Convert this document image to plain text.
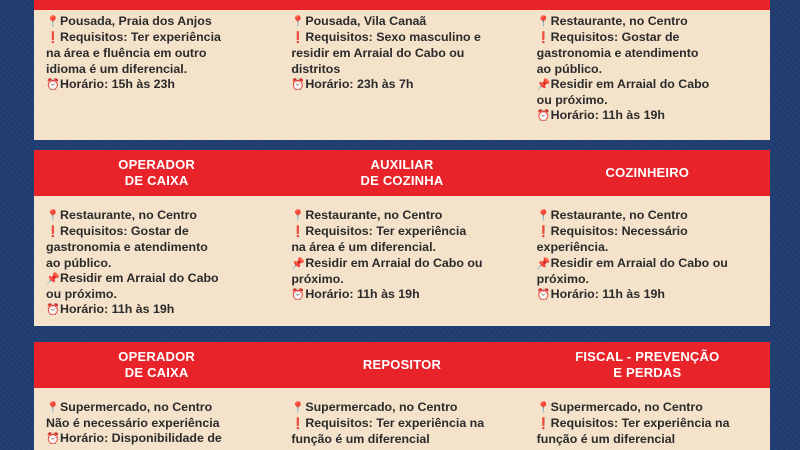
📍Pousada, Praia dos Anjos
❗Requisitos: Ter experiência
na área e fluência em outro
idioma é um diferencial.
⏰Horário: 15h às 23h
📍Pousada, Vila Canaã
❗Requisitos: Sexo masculino e
residir em Arraial do Cabo ou
distritos
⏰Horário: 23h às 7h
📍Restaurante, no Centro
❗Requisitos: Gostar de
gastronomia e atendimento
ao público.
📌Residir em Arraial do Cabo
ou próximo.
⏰Horário: 11h às 19h
OPERADOR
DE CAIXA
AUXILIAR
DE COZINHA
COZINHEIRO
📍Restaurante, no Centro
❗Requisitos: Gostar de
gastronomia e atendimento
ao público.
📌Residir em Arraial do Cabo
ou próximo.
⏰Horário: 11h às 19h
📍Restaurante, no Centro
❗Requisitos: Ter experiência
na área é um diferencial.
📌Residir em Arraial do Cabo ou
próximo.
⏰Horário: 11h às 19h
📍Restaurante, no Centro
❗Requisitos: Necessário
experiência.
📌Residir em Arraial do Cabo ou
próximo.
⏰Horário: 11h às 19h
OPERADOR
DE CAIXA
REPOSITOR
FISCAL - PREVENÇÃO
E PERDAS
📍Supermercado, no Centro
Não é necessário experiência
⏰Horário: Disponibilidade de
📍Supermercado, no Centro
❗Requisitos: Ter experiência na
função é um diferencial
📍Supermercado, no Centro
❗Requisitos: Ter experiência na
função é um diferencial
